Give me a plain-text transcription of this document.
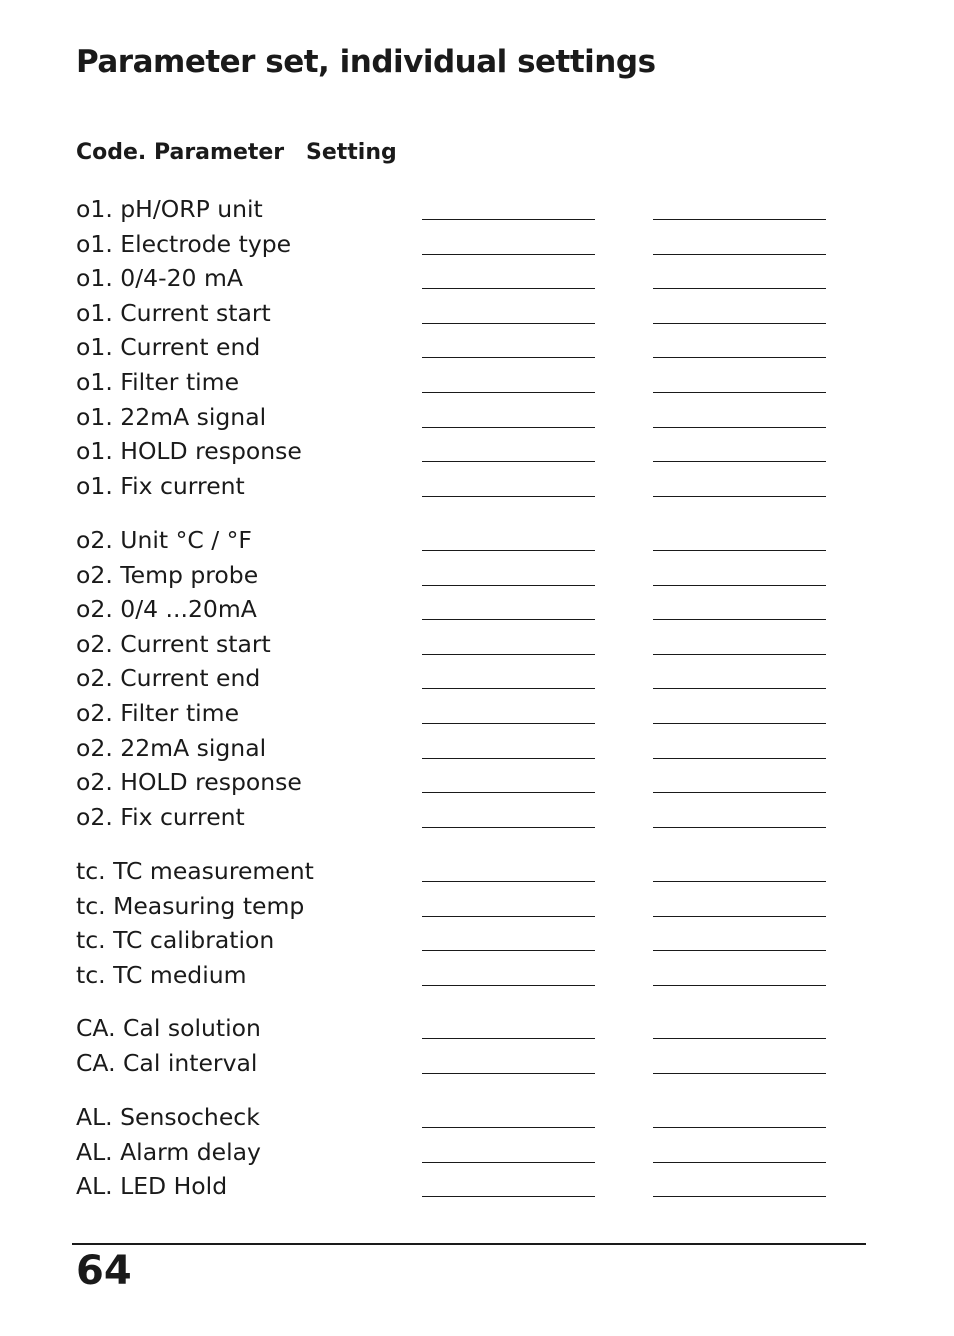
Parameter set, individual settings
Code. Parameter Setting
o1. pH/ORP unit
o1. Electrode type
o1. 0/4-20 mA
o1. Current start
o1. Current end
o1. Filter time
o1. 22mA signal
o1. HOLD response
o1. Fix current
o2. Unit °C / °F
o2. Temp probe
o2. 0/4 ...20mA
o2. Current start
o2. Current end
o2. Filter time
o2. 22mA signal
o2. HOLD response
o2. Fix current
tc. TC measurement
tc. Measuring temp
tc. TC calibration
tc. TC medium
CA. Cal solution
CA. Cal interval
AL. Sensocheck
AL. Alarm delay
AL. LED Hold
64
